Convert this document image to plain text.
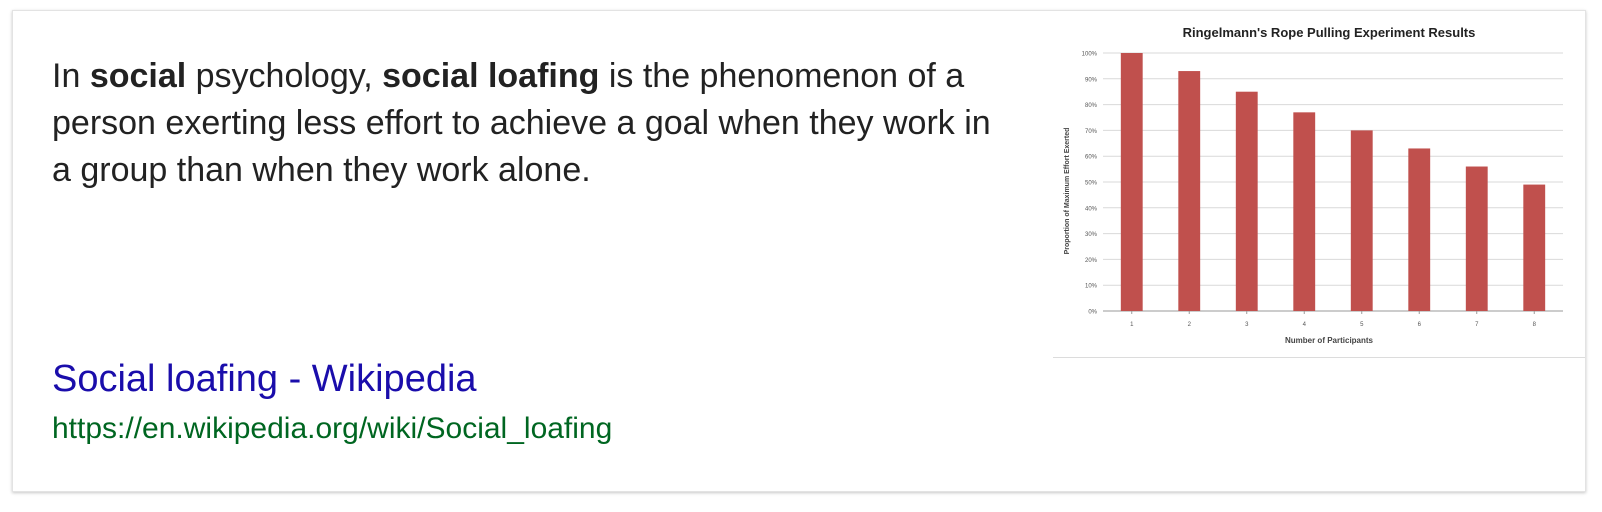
In social psychology, social loafing is the phenomenon of a person exerting less effort to achieve a goal when they work in a group than when they work alone.
Social loafing - Wikipedia
https://en.wikipedia.org/wiki/Social_loafing
Ringelmann's Rope Pulling Experiment Results
0%
10%
20%
30%
40%
50%
60%
70%
80%
90%
100%
1	2	3	4	5	6	7	8
Number of Participants
Proportion of Maximum Effort Exerted
